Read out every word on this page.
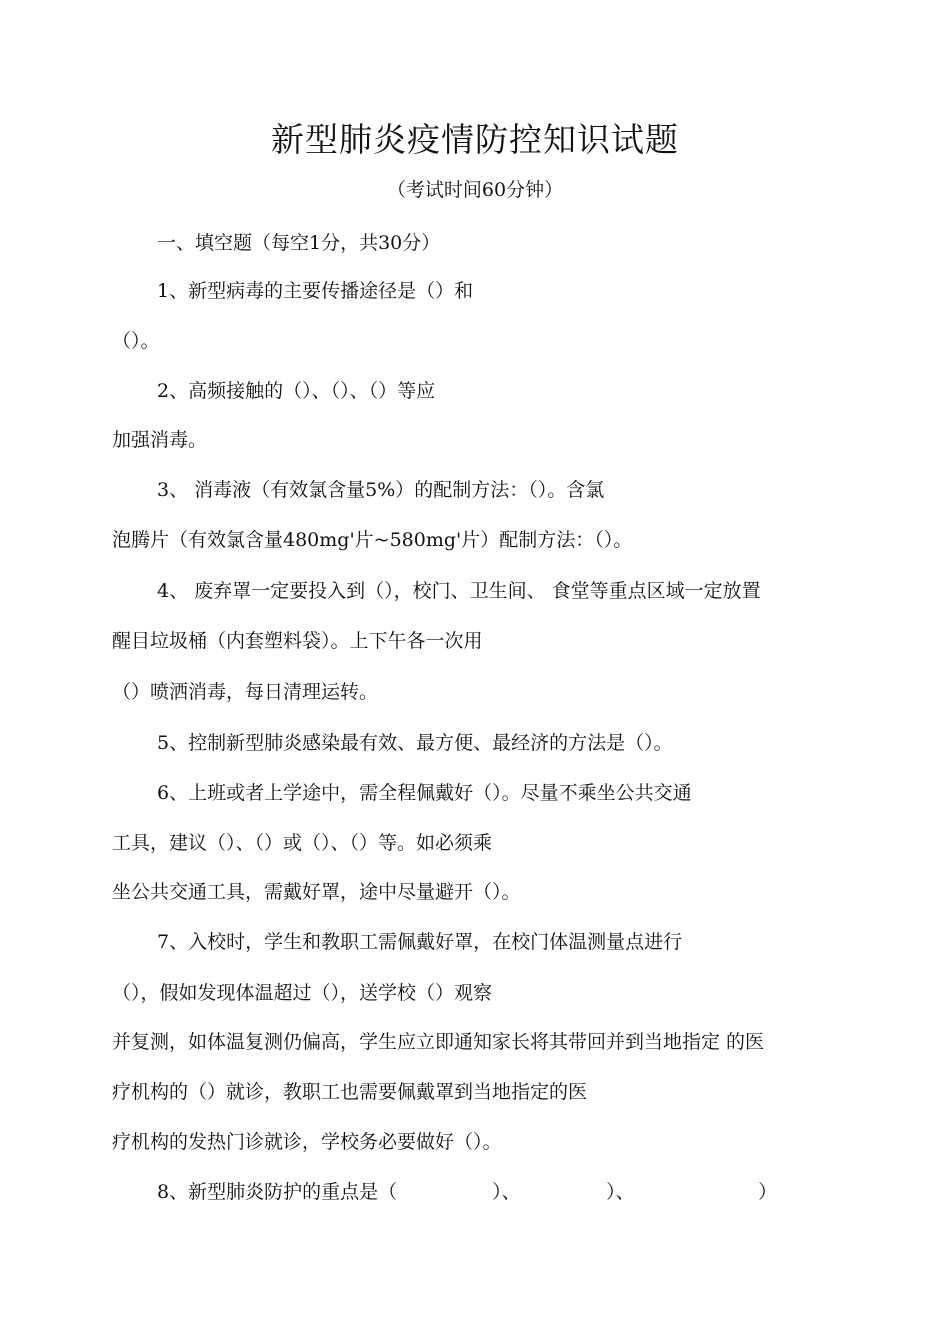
新型肺炎疫情防控知识试题
（考试时间60分钟）
一、填空题（每空1分，共30分）
1、新型病毒的主要传播途径是（）和
（）。
2、高频接触的（）、（）、（）等应
加强消毒。
3、 消毒液（有效氯含量5%）的配制方法：（）。含氯
泡腾片（有效氯含量480mg'片~580mg'片）配制方法：（）。
4、 废弃罩一定要投入到（），校门、卫生间、 食堂等重点区域一定放置
醒目垃圾桶（内套塑料袋）。上下午各一次用
（）喷洒消毒，每日清理运转。
5、控制新型肺炎感染最有效、最方便、最经济的方法是（）。
6、上班或者上学途中，需全程佩戴好（）。尽量不乘坐公共交通
工具，建议（）、（）或（）、（）等。如必须乘
坐公共交通工具，需戴好罩，途中尽量避开（）。
7、入校时，学生和教职工需佩戴好罩，在校门体温测量点进行
（），假如发现体温超过（），送学校（）观察
并复测，如体温复测仍偏高，学生应立即通知家长将其带回并到当地指定 的医
疗机构的（）就诊，教职工也需要佩戴罩到当地指定的医
疗机构的发热门诊就诊，学校务必要做好（）。
8、新型肺炎防护的重点是（　　　　　）、　　　　　）、　　　　　　　）
